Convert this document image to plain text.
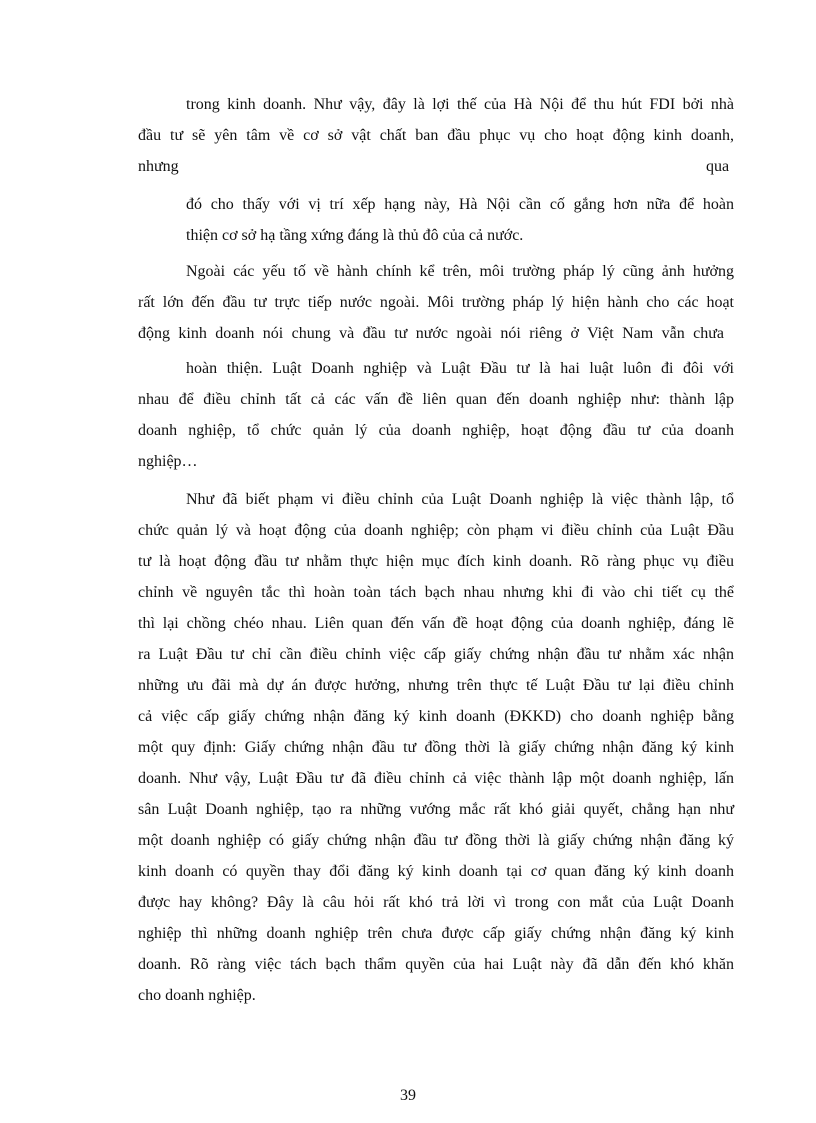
trong kinh doanh. Như vậy, đây là lợi thế của Hà Nội để thu hút FDI bởi nhà
đầu tư sẽ yên tâm về cơ sở vật chất ban đầu phục vụ cho hoạt động kinh doanh,
nhưng	qua
đó cho thấy với vị trí xếp hạng này, Hà Nội cần cố gắng hơn nữa để hoàn
thiện cơ sở hạ tầng xứng đáng là thủ đô của cả nước.
Ngoài các yếu tố về hành chính kể trên, môi trường pháp lý cũng ảnh hưởng
rất lớn đến đầu tư trực tiếp nước ngoài. Môi trường pháp lý hiện hành cho các hoạt
động kinh doanh nói chung và đầu tư nước ngoài nói riêng ở Việt Nam vẫn chưa
hoàn thiện. Luật Doanh nghiệp và Luật Đầu tư là hai luật luôn đi đôi với
nhau để điều chỉnh tất cả các vấn đề liên quan đến doanh nghiệp như: thành lập
doanh nghiệp, tổ chức quản lý của doanh nghiệp, hoạt động đầu tư của doanh
nghiệp…
Như đã biết phạm vi điều chỉnh của Luật Doanh nghiệp là việc thành lập, tổ
chức quản lý và hoạt động của doanh nghiệp; còn phạm vi điều chỉnh của Luật Đầu
tư là hoạt động đầu tư nhằm thực hiện mục đích kinh doanh. Rõ ràng phục vụ điều
chỉnh về nguyên tắc thì hoàn toàn tách bạch nhau nhưng khi đi vào chi tiết cụ thể
thì lại chồng chéo nhau. Liên quan đến vấn đề hoạt động của doanh nghiệp, đáng lẽ
ra Luật Đầu tư chỉ cần điều chỉnh việc cấp giấy chứng nhận đầu tư nhằm xác nhận
những ưu đãi mà dự án được hưởng, nhưng trên thực tế Luật Đầu tư lại điều chỉnh
cả việc cấp giấy chứng nhận đăng ký kinh doanh (ĐKKD) cho doanh nghiệp bằng
một quy định: Giấy chứng nhận đầu tư đồng thời là giấy chứng nhận đăng ký kinh
doanh. Như vậy, Luật Đầu tư đã điều chỉnh cả việc thành lập một doanh nghiệp, lấn
sân Luật Doanh nghiệp, tạo ra những vướng mắc rất khó giải quyết, chẳng hạn như
một doanh nghiệp có giấy chứng nhận đầu tư đồng thời là giấy chứng nhận đăng ký
kinh doanh có quyền thay đổi đăng ký kinh doanh tại cơ quan đăng ký kinh doanh
được hay không? Đây là câu hỏi rất khó trả lời vì trong con mắt của Luật Doanh
nghiệp thì những doanh nghiệp trên chưa được cấp giấy chứng nhận đăng ký kinh
doanh. Rõ ràng việc tách bạch thẩm quyền của hai Luật này đã dẫn đến khó khăn
cho doanh nghiệp.
39
